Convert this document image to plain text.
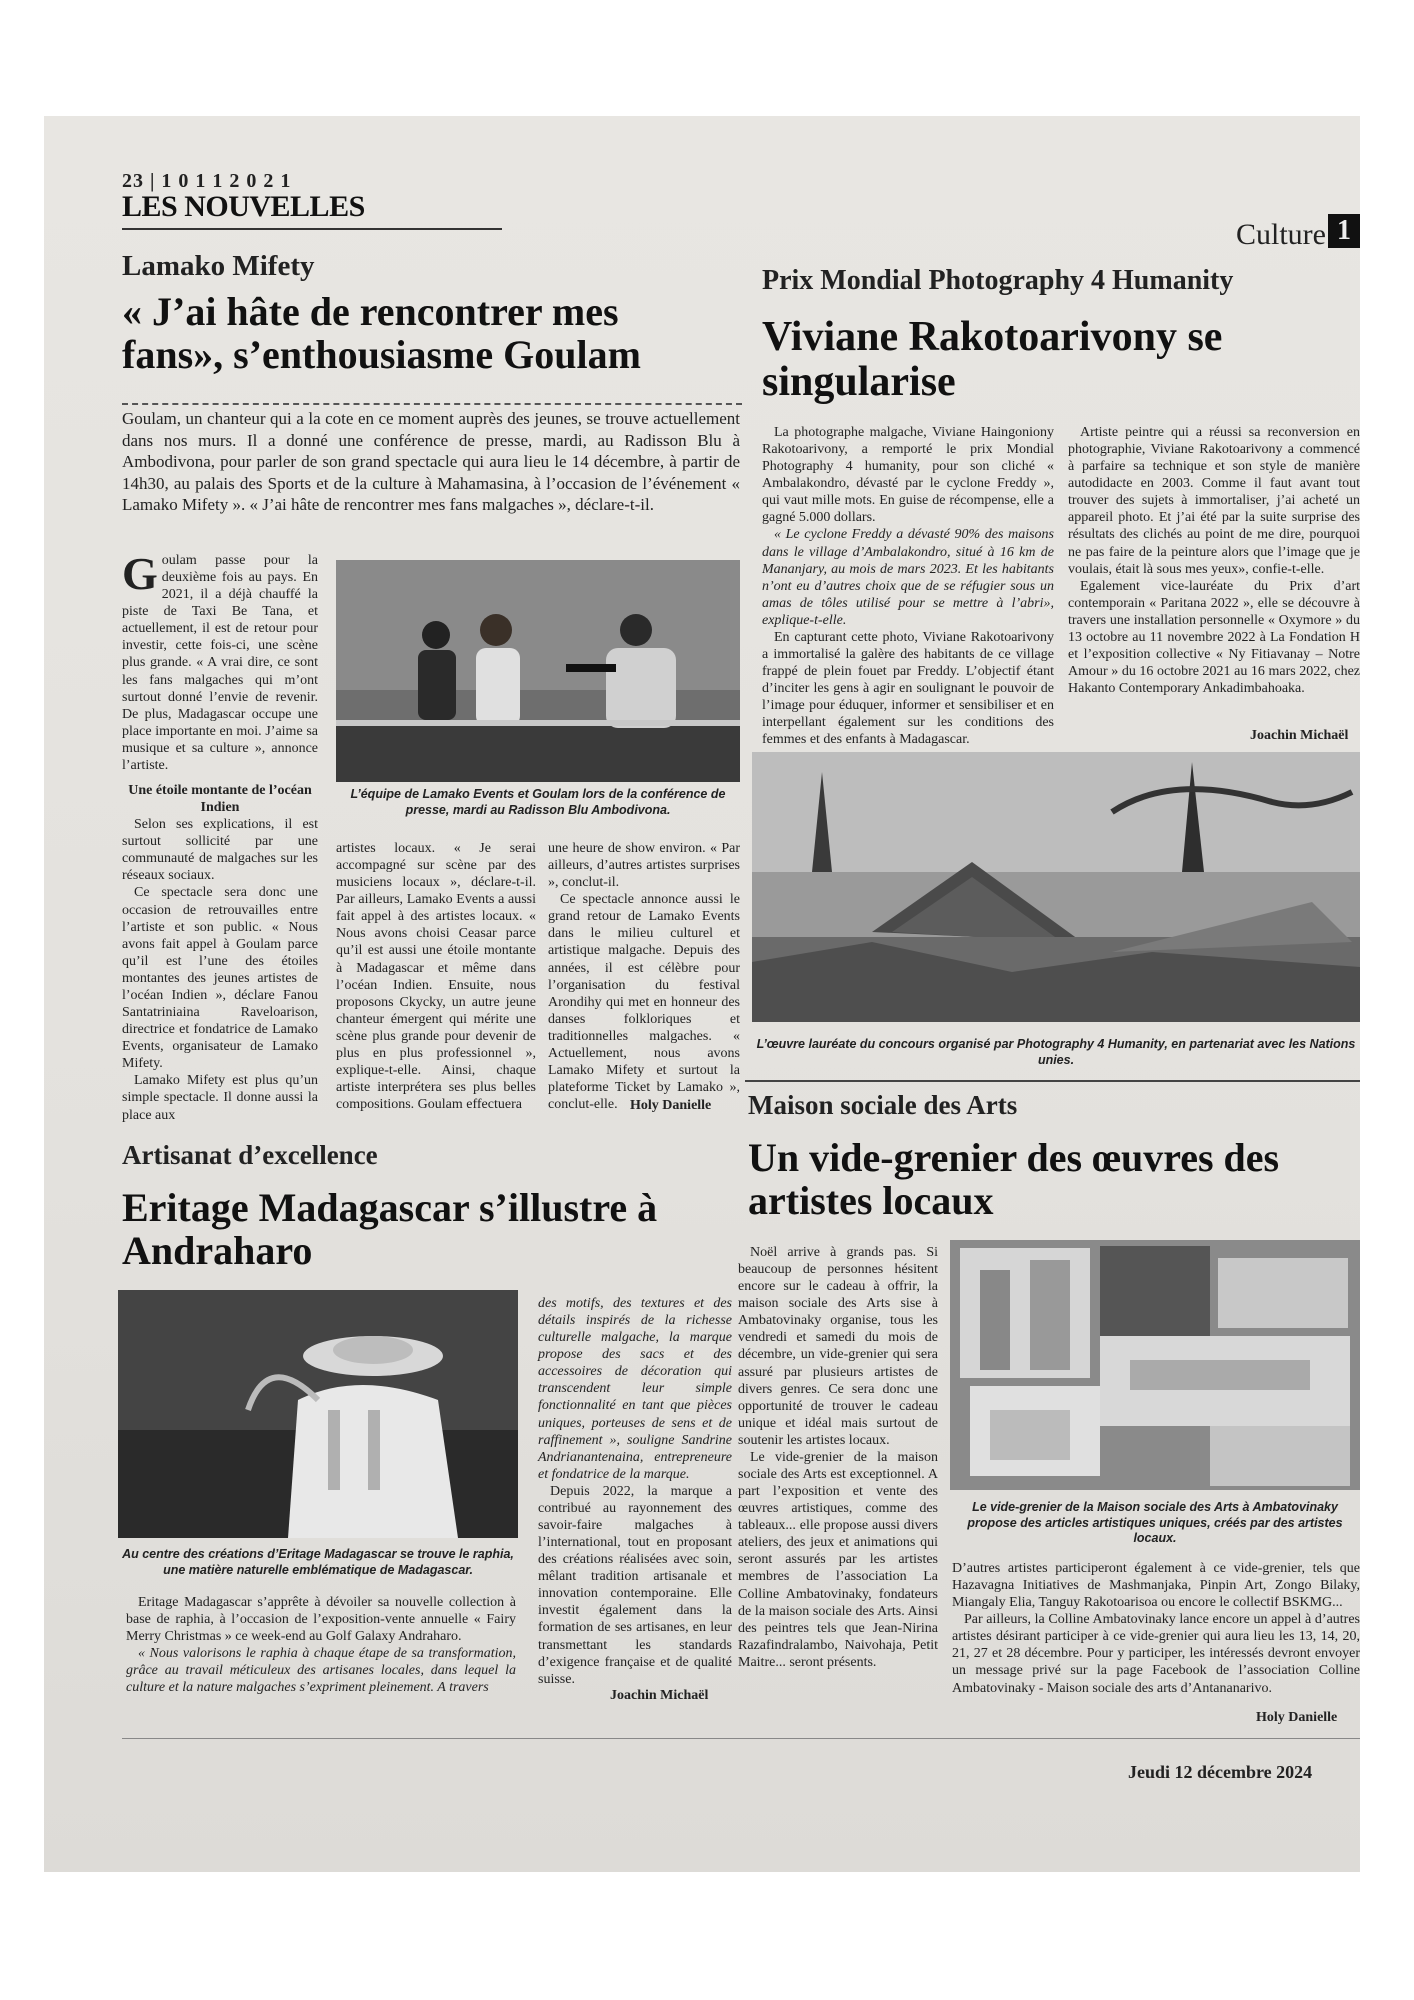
23 | 1 0 1 1 2 0 2 1
LES NOUVELLES
Culture 1
Lamako Mifety
« J’ai hâte de rencontrer mes fans», s’enthousiasme Goulam
Goulam, un chanteur qui a la cote en ce moment auprès des jeunes, se trouve actuellement dans nos murs. Il a donné une conférence de presse, mardi, au Radisson Blu à Ambodivona, pour parler de son grand spectacle qui aura lieu le 14 décembre, à partir de 14h30, au palais des Sports et de la culture à Mahamasina, à l’occasion de l’événement « Lamako Mifety ». « J’ai hâte de rencontrer mes fans malgaches », déclare-t-il.

Goulam passe pour la deuxième fois au pays. En 2021, il a déjà chauffé la piste de Taxi Be Tana, et actuellement, il est de retour pour investir, cette fois-ci, une scène plus grande. « A vrai dire, ce sont les fans malgaches qui m’ont surtout donné l’envie de revenir. De plus, Madagascar occupe une place importante en moi. J’aime sa musique et sa culture », annonce l’artiste.

Une étoile montante de l’océan Indien

Selon ses explications, il est surtout sollicité par une communauté de malgaches sur les réseaux sociaux.

Ce spectacle sera donc une occasion de retrouvailles entre l’artiste et son public. « Nous avons fait appel à Goulam parce qu’il est l’une des étoiles montantes des jeunes artistes de l’océan Indien », déclare Fanou Santatriniaina Raveloarison, directrice et fondatrice de Lamako Events, organisateur de Lamako Mifety.

Lamako Mifety est plus qu’un simple spectacle. Il donne aussi la place aux

L’équipe de Lamako Events et Goulam lors de la conférence de presse, mardi au Radisson Blu Ambodivona.

artistes locaux. « Je serai accompagné sur scène par des musiciens locaux », déclare-t-il. Par ailleurs, Lamako Events a aussi fait appel à des artistes locaux. « Nous avons choisi Ceasar parce qu’il est aussi une étoile montante à Madagascar et même dans l’océan Indien. Ensuite, nous proposons Ckycky, un autre jeune chanteur émergent qui mérite une scène plus grande pour devenir de plus en plus professionnel », explique-t-elle. Ainsi, chaque artiste interprétera ses plus belles compositions. Goulam effectuera

une heure de show environ. « Par ailleurs, d’autres artistes surprises », conclut-il.

Ce spectacle annonce aussi le grand retour de Lamako Events dans le milieu culturel et artistique malgache. Depuis des années, il est célèbre pour l’organisation du festival Arondihy qui met en honneur des danses folkloriques et traditionnelles malgaches. « Actuellement, nous avons Lamako Mifety et surtout la plateforme Ticket by Lamako », conclut-elle. Holy Danielle
Prix Mondial Photography 4 Humanity
Viviane Rakotoarivony se singularise

La photographe malgache, Viviane Haingoniony Rakotoarivony, a remporté le prix Mondial Photography 4 humanity, pour son cliché « Ambalakondro, dévasté par le cyclone Freddy », qui vaut mille mots. En guise de récompense, elle a gagné 5.000 dollars.

« Le cyclone Freddy a dévasté 90% des maisons dans le village d’Ambalakondro, situé à 16 km de Mananjary, au mois de mars 2023. Et les habitants n’ont eu d’autres choix que de se réfugier sous un amas de tôles utilisé pour se mettre à l’abri», explique-t-elle.

En capturant cette photo, Viviane Rakotoarivony a immortalisé la galère des habitants de ce village frappé de plein fouet par Freddy. L’objectif étant d’inciter les gens à agir en soulignant le pouvoir de l’image pour éduquer, informer et sensibiliser et en interpellant également sur les conditions des femmes et des enfants à Madagascar.

Artiste peintre qui a réussi sa reconversion en photographie, Viviane Rakotoarivony a commencé à parfaire sa technique et son style de manière autodidacte en 2003. Comme il faut avant tout trouver des sujets à immortaliser, j’ai acheté un appareil photo. Et j’ai été par la suite surprise des résultats des clichés au point de me dire, pourquoi ne pas faire de la peinture alors que l’image que je voulais, était là sous mes yeux», confie-t-elle.

Egalement vice-lauréate du Prix d’art contemporain « Paritana 2022 », elle se découvre à travers une installation personnelle « Oxymore » du 13 octobre au 11 novembre 2022 à La Fondation H et l’exposition collective « Ny Fitiavanay – Notre Amour » du 16 octobre 2021 au 16 mars 2022, chez Hakanto Contemporary Ankadimbahoaka.

Joachin Michaël
L’œuvre lauréate du concours organisé par Photography 4 Humanity, en partenariat avec les Nations unies.
Artisanat d’excellence
Eritage Madagascar s’illustre à Andraharo
Au centre des créations d’Eritage Madagascar se trouve le raphia, une matière naturelle emblématique de Madagascar.

Eritage Madagascar s’apprête à dévoiler sa nouvelle collection à base de raphia, à l’occasion de l’exposition-vente annuelle « Fairy Merry Christmas » ce week-end au Golf Galaxy Andraharo.

« Nous valorisons le raphia à chaque étape de sa transformation, grâce au travail méticuleux des artisanes locales, dans lequel la culture et la nature malgaches s’expriment pleinement. A travers

des motifs, des textures et des détails inspirés de la richesse culturelle malgache, la marque propose des sacs et des accessoires de décoration qui transcendent leur simple fonctionnalité en tant que pièces uniques, porteuses de sens et de raffinement », souligne Sandrine Andrianantenaina, entrepreneure et fondatrice de la marque.

Depuis 2022, la marque a contribué au rayonnement des savoir-faire malgaches à l’international, tout en proposant des créations réalisées avec soin, mêlant tradition artisanale et innovation contemporaine. Elle investit également dans la formation de ses artisanes, en leur transmettant les standards d’exigence française et de qualité suisse.

Joachin Michaël
Maison sociale des Arts
Un vide-grenier des œuvres des artistes locaux

Noël arrive à grands pas. Si beaucoup de personnes hésitent encore sur le cadeau à offrir, la maison sociale des Arts sise à Ambatovinaky organise, tous les vendredi et samedi du mois de décembre, un vide-grenier qui sera assuré par plusieurs artistes de divers genres. Ce sera donc une opportunité de trouver le cadeau unique et idéal mais surtout de soutenir les artistes locaux.

Le vide-grenier de la maison sociale des Arts est exceptionnel. A part l’exposition et vente des œuvres artistiques, comme des tableaux... elle propose aussi divers ateliers, des jeux et animations qui seront assurés par les artistes membres de l’association La Colline Ambatovinaky, fondateurs de la maison sociale des Arts. Ainsi des peintres tels que Jean-Nirina Razafindralambo, Naivohaja, Petit Maitre... seront présents.

Le vide-grenier de la Maison sociale des Arts à Ambatovinaky propose des articles artistiques uniques, créés par des artistes locaux.

D’autres artistes participeront également à ce vide-grenier, tels que Hazavagna Initiatives de Mashmanjaka, Pinpin Art, Zongo Bilaky, Miangaly Elia, Tanguy Rakotoarisoa ou encore le collectif BSKMG...

Par ailleurs, la Colline Ambatovinaky lance encore un appel à d’autres artistes désirant participer à ce vide-grenier qui aura lieu les 13, 14, 20, 21, 27 et 28 décembre. Pour y participer, les intéressés devront envoyer un message privé sur la page Facebook de l’association Colline Ambatovinaky - Maison sociale des arts d’Antananarivo.

Holy Danielle
Jeudi 12 décembre 2024
